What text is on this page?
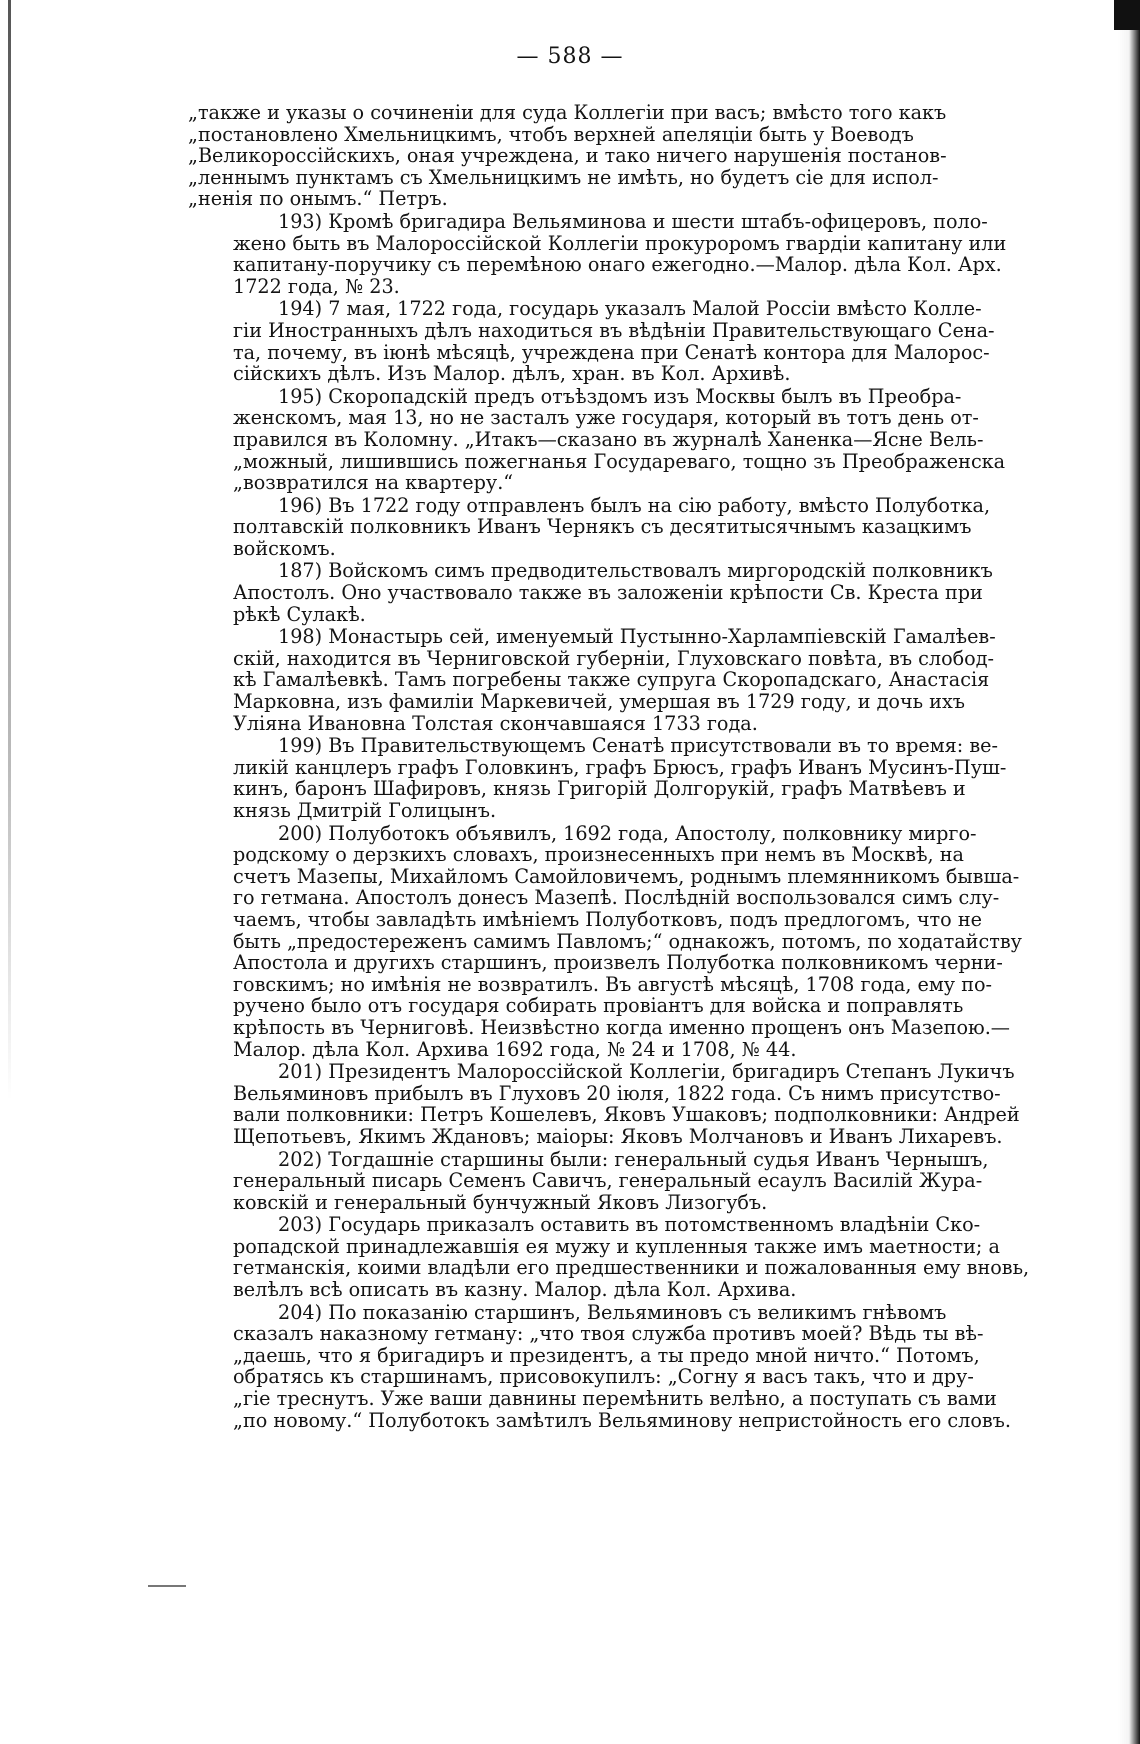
— 588 —

„также и указы о сочиненіи для суда Коллегіи при васъ; вмѣсто того какъ
„постановлено Хмельницкимъ, чтобъ верхней апеляціи быть у Воеводъ
„Великороссійскихъ, оная учреждена, и тако ничего нарушенія постанов-
„леннымъ пунктамъ съ Хмельницкимъ не имѣть, но будетъ сіе для испол-
„ненія по онымъ.“ Петръ.

193) Кромѣ бригадира Вельяминова и шести штабъ-офицеровъ, поло-
жено быть въ Малороссійской Коллегіи прокуроромъ гвардіи капитану или
капитану-поручику съ перемѣною онаго ежегодно.—Малор. дѣла Кол. Арх.
1722 года, № 23.

194) 7 мая, 1722 года, государь указалъ Малой Россіи вмѣсто Колле-
гіи Иностранныхъ дѣлъ находиться въ вѣдѣніи Правительствующаго Сена-
та, почему, въ іюнѣ мѣсяцѣ, учреждена при Сенатѣ контора для Малорос-
сійскихъ дѣлъ. Изъ Малор. дѣлъ, хран. въ Кол. Архивѣ.

195) Скоропадскій предъ отъѣздомъ изъ Москвы былъ въ Преобра-
женскомъ, мая 13, но не засталъ уже государя, который въ тотъ день от-
правился въ Коломну. „Итакъ—сказано въ журналѣ Ханенка—Ясне Вель-
„можный, лишившись пожегнанья Государеваго, тощно зъ Преображенска
„возвратился на квартеру.“

196) Въ 1722 году отправленъ былъ на сію работу, вмѣсто Полуботка,
полтавскій полковникъ Иванъ Чернякъ съ десятитысячнымъ казацкимъ
войскомъ.

187) Войскомъ симъ предводительствовалъ миргородскій полковникъ
Апостолъ. Оно участвовало также въ заложеніи крѣпости Св. Креста при
рѣкѣ Сулакѣ.

198) Монастырь сей, именуемый Пустынно-Харлампіевскій Гамалѣев-
скій, находится въ Черниговской губерніи, Глуховскаго повѣта, въ слобод-
кѣ Гамалѣевкѣ. Тамъ погребены также супруга Скоропадскаго, Анастасія
Марковна, изъ фамиліи Маркевичей, умершая въ 1729 году, и дочь ихъ
Уліяна Ивановна Толстая скончавшаяся 1733 года.

199) Въ Правительствующемъ Сенатѣ присутствовали въ то время: ве-
ликій канцлеръ графъ Головкинъ, графъ Брюсъ, графъ Иванъ Мусинъ-Пуш-
кинъ, баронъ Шафировъ, князь Григорій Долгорукій, графъ Матвѣевъ и
князь Дмитрій Голицынъ.

200) Полуботокъ объявилъ, 1692 года, Апостолу, полковнику мирго-
родскому о дерзкихъ словахъ, произнесенныхъ при немъ въ Москвѣ, на
счетъ Мазепы, Михайломъ Самойловичемъ, роднымъ племянникомъ бывша-
го гетмана. Апостолъ донесъ Мазепѣ. Послѣдній воспользовался симъ слу-
чаемъ, чтобы завладѣть имѣніемъ Полуботковъ, подъ предлогомъ, что не
быть „предостереженъ самимъ Павломъ;“ однакожъ, потомъ, по ходатайству
Апостола и другихъ старшинъ, произвелъ Полуботка полковникомъ черни-
говскимъ; но имѣнія не возвратилъ. Въ августѣ мѣсяцѣ, 1708 года, ему по-
ручено было отъ государя собирать провіантъ для войска и поправлять
крѣпость въ Черниговѣ. Неизвѣстно когда именно прощенъ онъ Мазепою.—
Малор. дѣла Кол. Архива 1692 года, № 24 и 1708, № 44.

201) Президентъ Малороссійской Коллегіи, бригадиръ Степанъ Лукичъ
Вельяминовъ прибылъ въ Глуховъ 20 іюля, 1822 года. Съ нимъ присутство-
вали полковники: Петръ Кошелевъ, Яковъ Ушаковъ; подполковники: Андрей
Щепотьевъ, Якимъ Ждановъ; маіоры: Яковъ Молчановъ и Иванъ Лихаревъ.

202) Тогдашніе старшины были: генеральный судья Иванъ Чернышъ,
генеральный писарь Семенъ Савичъ, генеральный есаулъ Василій Жура-
ковскій и генеральный бунчужный Яковъ Лизогубъ.

203) Государь приказалъ оставить въ потомственномъ владѣніи Ско-
ропадской принадлежавшія ея мужу и купленныя также имъ маетности; а
гетманскія, коими владѣли его предшественники и пожалованныя ему вновь,
велѣлъ всѣ описать въ казну. Малор. дѣла Кол. Архива.

204) По показанію старшинъ, Вельяминовъ съ великимъ гнѣвомъ
сказалъ наказному гетману: „что твоя служба противъ моей? Вѣдь ты вѣ-
„даешь, что я бригадиръ и президентъ, а ты предо мной ничто.“ Потомъ,
обратясь къ старшинамъ, присовокупилъ: „Согну я васъ такъ, что и дру-
„гіе треснутъ. Уже ваши давнины перемѣнить велѣно, а поступать съ вами
„по новому.“ Полуботокъ замѣтилъ Вельяминову непристойность его словъ.
